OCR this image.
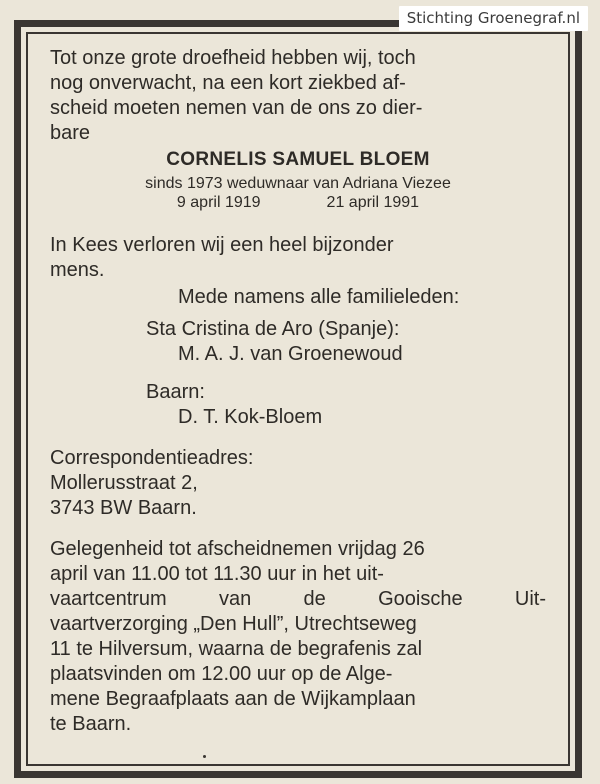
Stichting Groenegraf.nl

Tot onze grote droefheid hebben wij, toch

nog onverwacht, na een kort ziekbed af-

scheid moeten nemen van de ons zo dier-

bare

CORNELIS SAMUEL BLOEM
sinds 1973 weduwnaar van Adriana Viezee
9 april 1919	21 april 1991

In Kees verloren wij een heel bijzonder

mens.

Mede namens alle familieleden:

Sta Cristina de Aro (Spanje):

M. A. J. van Groenewoud

Baarn:

D. T. Kok-Bloem

Correspondentieadres:

Mollerusstraat 2,

3743 BW Baarn.

Gelegenheid tot afscheidnemen vrijdag 26

april van 11.00 tot 11.30 uur in het uit-

vaartcentrum van de Gooische Uit-

vaartverzorging „Den Hull”, Utrechtseweg

11 te Hilversum, waarna de begrafenis zal

plaatsvinden om 12.00 uur op de Alge-

mene Begraafplaats aan de Wijkamplaan

te Baarn.
